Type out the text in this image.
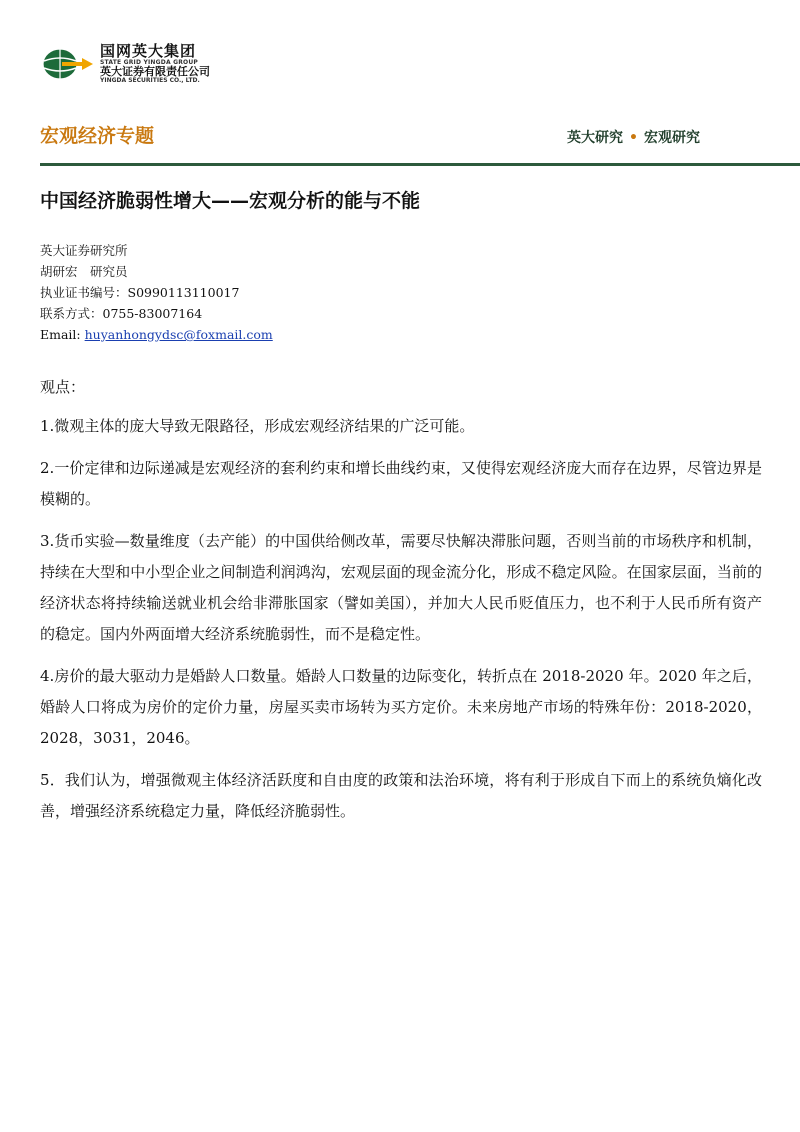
国网英大集团
STATE GRID YINGDA GROUP
英大证券有限责任公司
YINGDA SECURITIES CO., LTD.
宏观经济专题	英大研究 • 宏观研究
中国经济脆弱性增大——宏观分析的能与不能
英大证券研究所
胡研宏　研究员
执业证书编号：S0990113110017
联系方式：0755-83007164
Email: huyanhongydsc@foxmail.com

观点：

1.微观主体的庞大导致无限路径，形成宏观经济结果的广泛可能。

2.一价定律和边际递减是宏观经济的套利约束和增长曲线约束，又使得宏观经济庞大而存在边界，尽管边界是模糊的。

3.货币实验—数量维度（去产能）的中国供给侧改革，需要尽快解决滞胀问题，否则当前的市场秩序和机制，持续在大型和中小型企业之间制造利润鸿沟，宏观层面的现金流分化，形成不稳定风险。在国家层面，当前的经济状态将持续输送就业机会给非滞胀国家（譬如美国），并加大人民币贬值压力，也不利于人民币所有资产的稳定。国内外两面增大经济系统脆弱性，而不是稳定性。

4.房价的最大驱动力是婚龄人口数量。婚龄人口数量的边际变化，转折点在 2018-2020 年。2020 年之后，婚龄人口将成为房价的定价力量，房屋买卖市场转为买方定价。未来房地产市场的特殊年份：2018-2020，2028，3031，2046。

5．我们认为，增强微观主体经济活跃度和自由度的政策和法治环境，将有利于形成自下而上的系统负熵化改善，增强经济系统稳定力量，降低经济脆弱性。
